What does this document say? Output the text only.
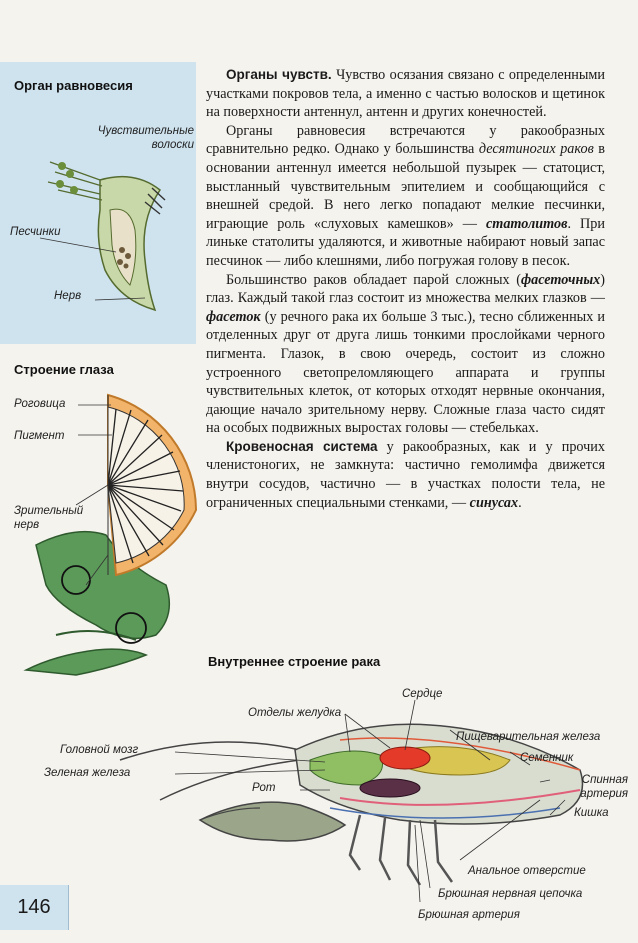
Орган равновесия
Чувствительные волоски
Песчинки
Нерв
Строение глаза
Роговица
Пигмент
Зрительный нерв

Органы чувств. Чувство осязания связано с определенными участками покровов тела, а именно с частью волосков и щетинок на поверхности антеннул, антенн и других конечностей.

Органы равновесия встречаются у ракообразных сравнительно редко. Однако у большинства десятиногих раков в основании антеннул имеется небольшой пузырек — статоцист, выстланный чувствительным эпителием и сообщающийся с внешней средой. В него легко попадают мелкие песчинки, играющие роль «слуховых камешков» — статолитов. При линьке статолиты удаляются, и животные набирают новый запас песчинок — либо клешнями, либо погружая голову в песок.

Большинство раков обладает парой сложных (фасеточных) глаз. Каждый такой глаз состоит из множества мелких глазков — фасеток (у речного рака их больше 3 тыс.), тесно сближенных и отделенных друг от друга лишь тонкими прослойками черного пигмента. Глазок, в свою очередь, состоит из сложно устроенного светопреломляющего аппарата и группы чувствительных клеток, от которых отходят нервные окончания, дающие начало зрительному нерву. Сложные глаза часто сидят на особых подвижных выростах головы — стебельках.

Кровеносная система у ракообразных, как и у прочих членистоногих, не замкнута: частично гемолимфа движется внутри сосудов, частично — в участках полости тела, не ограниченных специальными стенками, — синусах.

Внутреннее строение рака
Сердце
Отделы желудка
Пищеварительная железа
Семенник
Спинная артерия
Кишка
Головной мозг
Зеленая железа
Рот
Анальное отверстие
Брюшная нервная цепочка
Брюшная артерия
146
